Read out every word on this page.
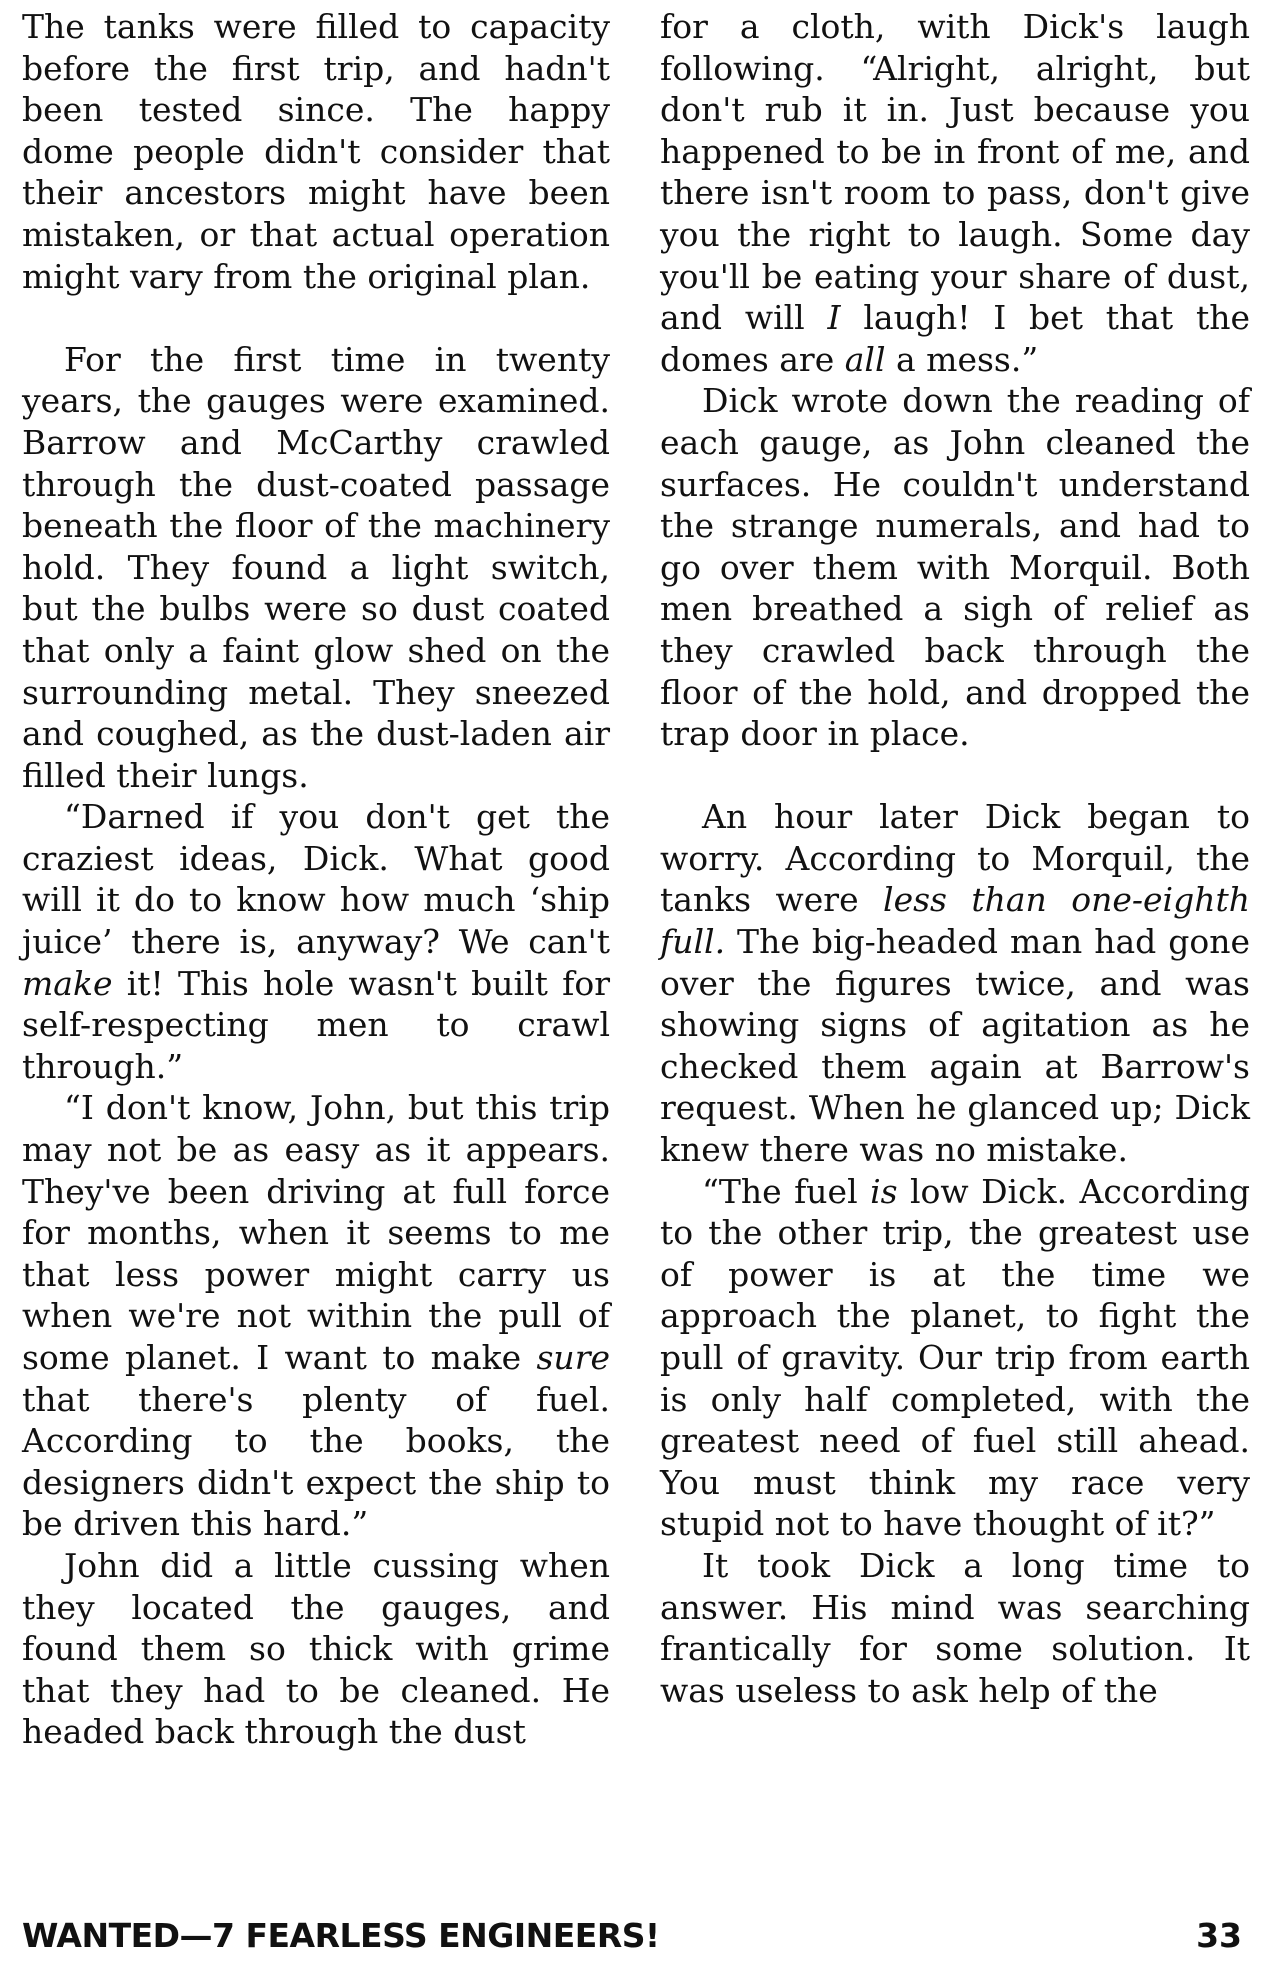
The tanks were filled to capacity before the first trip, and hadn't been tested since. The happy dome people didn't consider that their ancestors might have been mistaken, or that actual operation might vary from the original plan.

For the first time in twenty years, the gauges were examined. Barrow and McCarthy crawled through the dust-coated passage beneath the floor of the machinery hold. They found a light switch, but the bulbs were so dust coated that only a faint glow shed on the surrounding metal. They sneezed and coughed, as the dust-laden air filled their lungs.

“Darned if you don't get the craziest ideas, Dick. What good will it do to know how much ‘ship juice’ there is, anyway? We can't make it! This hole wasn't built for self-respecting men to crawl through.”

“I don't know, John, but this trip may not be as easy as it appears. They've been driving at full force for months, when it seems to me that less power might carry us when we're not within the pull of some planet. I want to make sure that there's plenty of fuel. According to the books, the designers didn't expect the ship to be driven this hard.”

John did a little cussing when they located the gauges, and found them so thick with grime that they had to be cleaned. He headed back through the dust

for a cloth, with Dick's laugh following. “Alright, alright, but don't rub it in. Just because you happened to be in front of me, and there isn't room to pass, don't give you the right to laugh. Some day you'll be eating your share of dust, and will I laugh! I bet that the domes are all a mess.”

Dick wrote down the reading of each gauge, as John cleaned the surfaces. He couldn't understand the strange numerals, and had to go over them with Morquil. Both men breathed a sigh of relief as they crawled back through the floor of the hold, and dropped the trap door in place.

An hour later Dick began to worry. According to Morquil, the tanks were less than one-eighth full. The big-headed man had gone over the figures twice, and was showing signs of agitation as he checked them again at Barrow's request. When he glanced up; Dick knew there was no mistake.

“The fuel is low Dick. According to the other trip, the greatest use of power is at the time we approach the planet, to fight the pull of gravity. Our trip from earth is only half completed, with the greatest need of fuel still ahead. You must think my race very stupid not to have thought of it?”

It took Dick a long time to answer. His mind was searching frantically for some solution. It was useless to ask help of the

WANTED—7 FEARLESS ENGINEERS!	33
